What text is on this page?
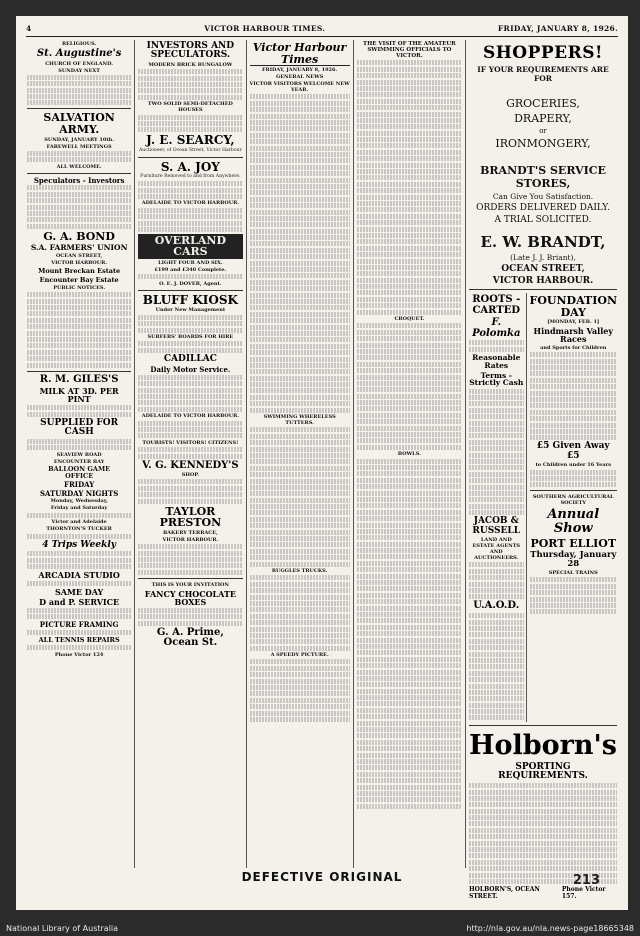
4	VICTOR HARBOUR TIMES.	FRIDAY, JANUARY 8, 1926.
RELIGIOUS.
St. Augustine's
CHURCH OF ENGLAND.
SUNDAY NEXT
SALVATION ARMY.
SUNDAY, JANUARY 10th.
FAREWELL MEETINGS
ALL WELCOME.
Speculators - Investors
G. A. BOND
S.A. FARMERS' UNION
OCEAN STREET,
VICTOR HARBOUR.
Mount Breckan Estate
Encounter Bay Estate
PUBLIC NOTICES.
R. M. GILES'S
MILK AT 3D. PER PINT
SUPPLIED FOR CASH
SEAVIEW ROAD
ENCOUNTER BAY
BALLOON GAME
OFFICE
FRIDAY
SATURDAY NIGHTS
Monday, Wednesday,
Friday and Saturday
Victor and Adelaide
THORNTON'S TUCKER
4 Trips Weekly
ARCADIA STUDIO
SAME DAY
D and P. SERVICE
PICTURE FRAMING
ALL TENNIS REPAIRS
Phone Victor 124
INVESTORS AND SPECULATORS.
MODERN BRICK BUNGALOW
TWO SOLID SEMI-DETACHED HOUSES
J. E. SEARCY,
Auctioneer, of Ocean Street, Victor Harbour
S. A. JOY
Furniture Removed to and from Anywhere.
ADELAIDE TO VICTOR HARBOUR.
OVERLAND CARS
LIGHT FOUR AND SIX.
£199 and £340 Complete.
O. E. J. DOVER, Agent.
BLUFF KIOSK
Under New Management
SURFERS' BOARDS FOR HIRE
CADILLAC
Daily Motor Service.
ADELAIDE TO VICTOR HARBOUR.
TOURISTS! VISITORS! CITIZENS!
V. G. KENNEDY'S
SHOP.
TAYLOR PRESTON
BAKERY TERRACE,
VICTOR HARBOUR.
THIS IS YOUR INVITATION
FANCY CHOCOLATE BOXES
G. A. Prime, Ocean St.
Victor Harbour Times
FRIDAY, JANUARY 8, 1926.
GENERAL NEWS
VICTOR VISITORS WELCOME NEW YEAR.
SWIMMING WHERELESS TUTTERS.
RUGGLES TRUCKS.
A SPEEDY PICTURE.
THE VISIT OF THE AMATEUR SWIMMING OFFICIALS TO VICTOR.
CROQUET.
BOWLS.
SHOPPERS!
IF YOUR REQUIREMENTS ARE FOR
GROCERIES,
DRAPERY,
or
IRONMONGERY,
BRANDT'S SERVICE STORES,
Can Give You Satisfaction.
ORDERS DELIVERED DAILY.
A TRIAL SOLICITED.
E. W. BRANDT,
(Late J. J. Briant),
OCEAN STREET,
VICTOR HARBOUR.
ROOTS - CARTED
F. Polomka
Reasonable Rates
Terms - Strictly Cash
JACOB & RUSSELL
LAND AND ESTATE AGENTS AND AUCTIONEERS.
U.A.O.D.
FOUNDATION DAY
[MONDAY, FEB. 1]
Hindmarsh Valley Races
and Sports for Children
£5 Given Away £5
to Children under 16 Years
SOUTHERN AGRICULTURAL SOCIETY
Annual Show
PORT ELLIOT
Thursday, January 28
SPECIAL TRAINS
Holborn's
SPORTING REQUIREMENTS.
HOLBORN'S, OCEAN STREET.
Phone Victor 157.
DEFECTIVE ORIGINAL	213
National Library of Australia	http://nla.gov.au/nla.news-page18665348
